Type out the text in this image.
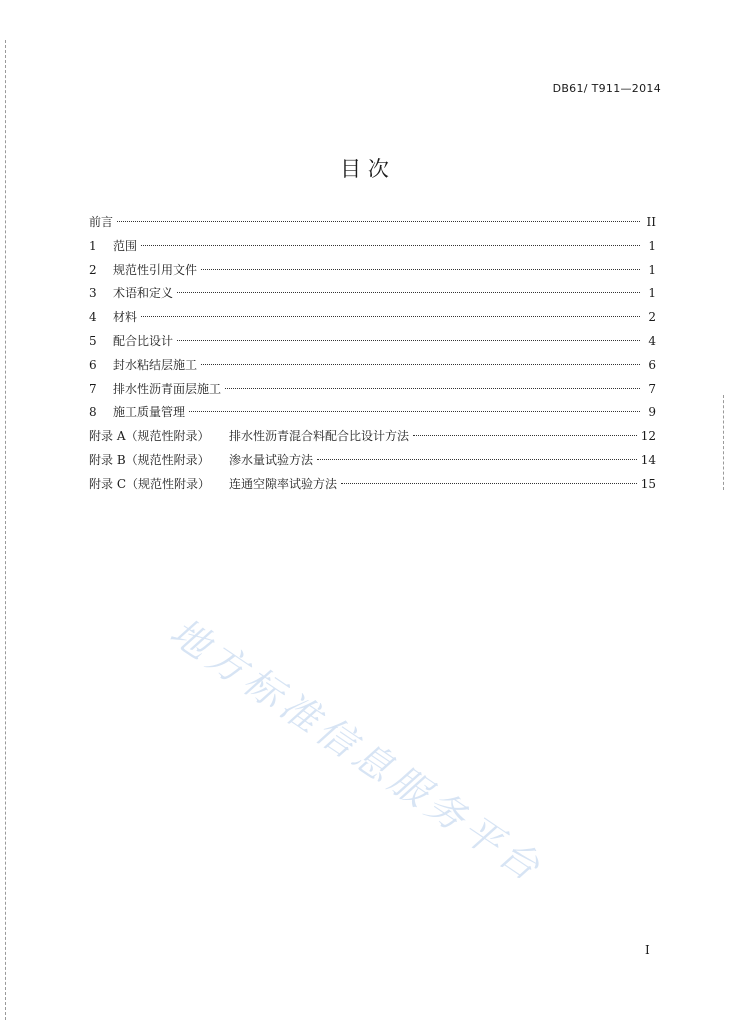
DB61/ T911—2014
目 次
前言	II
1 范围	1
2 规范性引用文件	1
3 术语和定义	1
4 材料	2
5 配合比设计	4
6 封水粘结层施工	6
7 排水性沥青面层施工	7
8 施工质量管理	9
附录 A（规范性附录） 排水性沥青混合料配合比设计方法	12
附录 B（规范性附录） 渗水量试验方法	14
附录 C（规范性附录） 连通空隙率试验方法	15
地方标准信息服务平台
I
